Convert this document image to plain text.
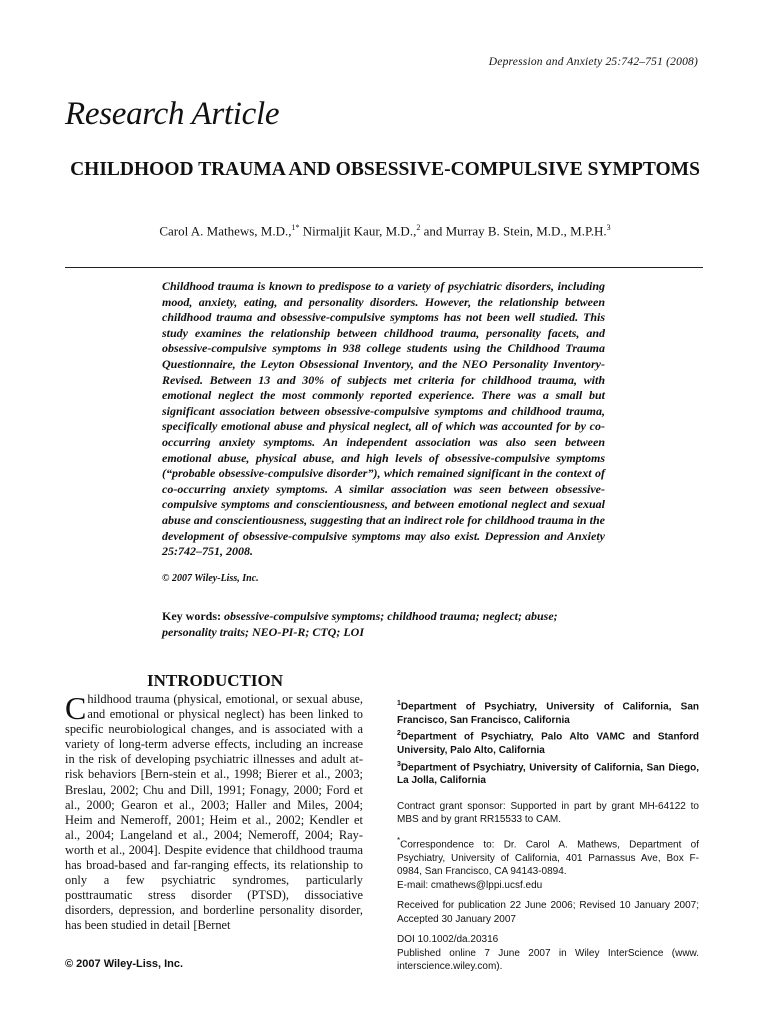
Depression and Anxiety 25:742–751 (2008)
Research Article
CHILDHOOD TRAUMA AND OBSESSIVE-COMPULSIVE SYMPTOMS
Carol A. Mathews, M.D.,$^{1*}$ Nirmaljit Kaur, M.D.,$^2$ and Murray B. Stein, M.D., M.P.H.$^3$
Childhood trauma is known to predispose to a variety of psychiatric disorders, including mood, anxiety, eating, and personality disorders. However, the relationship between childhood trauma and obsessive-compulsive symptoms has not been well studied. This study examines the relationship between childhood trauma, personality facets, and obsessive-compulsive symptoms in 938 college students using the Childhood Trauma Questionnaire, the Leyton Obsessional Inventory, and the NEO Personality Inventory-Revised. Between 13 and 30% of subjects met criteria for childhood trauma, with emotional neglect the most commonly reported experience. There was a small but significant association between obsessive-compulsive symptoms and childhood trauma, specifically emotional abuse and physical neglect, all of which was accounted for by co-occurring anxiety symptoms. An independent association was also seen between emotional abuse, physical abuse, and high levels of obsessive-compulsive symptoms (“probable obsessive-compulsive disorder”), which remained significant in the context of co-occurring anxiety symptoms. A similar association was seen between obsessive-compulsive symptoms and conscientiousness, and between emotional neglect and sexual abuse and conscientiousness, suggesting that an indirect role for childhood trauma in the development of obsessive-compulsive symptoms may also exist. Depression and Anxiety 25:742–751, 2008.
© 2007 Wiley-Liss, Inc.
Key words: obsessive-compulsive symptoms; childhood trauma; neglect; abuse; personality traits; NEO-PI-R; CTQ; LOI
INTRODUCTION
Childhood trauma (physical, emotional, or sexual abuse, and emotional or physical neglect) has been linked to specific neurobiological changes, and is associated with a variety of long-term adverse effects, including an increase in the risk of developing psychiatric illnesses and adult at-risk behaviors [Bern-stein et al., 1998; Bierer et al., 2003; Breslau, 2002; Chu and Dill, 1991; Fonagy, 2000; Ford et al., 2000; Gearon et al., 2003; Haller and Miles, 2004; Heim and Nemeroff, 2001; Heim et al., 2002; Kendler et al., 2004; Langeland et al., 2004; Nemeroff, 2004; Ray-worth et al., 2004]. Despite evidence that childhood trauma has broad-based and far-ranging effects, its relationship to only a few psychiatric syndromes, particularly posttraumatic stress disorder (PTSD), dissociative disorders, depression, and borderline personality disorder, has been studied in detail [Bernet
© 2007 Wiley-Liss, Inc.

$^1$Department of Psychiatry, University of California, San Francisco, San Francisco, California

$^2$Department of Psychiatry, Palo Alto VAMC and Stanford University, Palo Alto, California

$^3$Department of Psychiatry, University of California, San Diego, La Jolla, California

Contract grant sponsor: Supported in part by grant MH-64122 to MBS and by grant RR15533 to CAM.

*Correspondence to: Dr. Carol A. Mathews, Department of Psychiatry, University of California, 401 Parnassus Ave, Box F-0984, San Francisco, CA 94143-0894.

E-mail: cmathews@lppi.ucsf.edu

Received for publication 22 June 2006; Revised 10 January 2007; Accepted 30 January 2007

DOI 10.1002/da.20316

Published online 7 June 2007 in Wiley InterScience (www. interscience.wiley.com).
